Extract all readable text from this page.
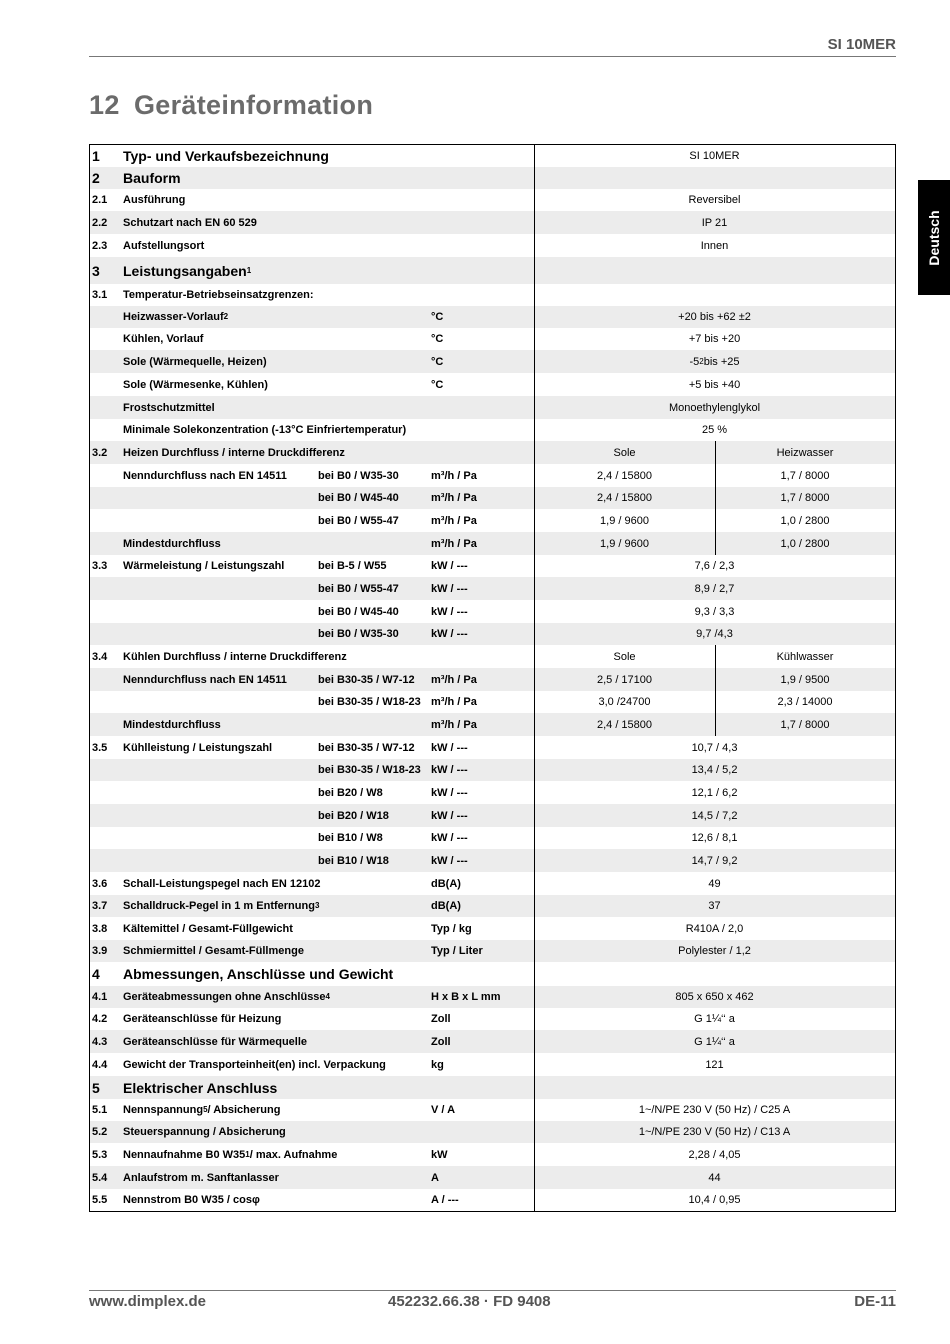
SI 10MER
12 Geräteinformation
Deutsch
1 Typ- und Verkaufsbezeichnung	SI 10MER
2 Bauform
2.1 Ausführung	Reversibel
2.2 Schutzart nach EN 60 529	IP 21
2.3 Aufstellungsort	Innen
3 Leistungsangaben 1
3.1 Temperatur-Betriebseinsatzgrenzen:
Heizwasser-Vorlauf 2	°C	+20 bis +62 ±2
Kühlen, Vorlauf	°C	+7 bis +20
Sole (Wärmequelle, Heizen)	°C	-5 2 bis +25
Sole (Wärmesenke, Kühlen)	°C	+5 bis +40
Frostschutzmittel	Monoethylenglykol
Minimale Solekonzentration (-13°C Einfriertemperatur)	25 %
3.2 Heizen Durchfluss / interne Druckdifferenz	Sole	Heizwasser
Nenndurchfluss nach EN 14511	bei B0 / W35-30	m³/h / Pa	2,4 / 15800	1,7 / 8000
bei B0 / W45-40	m³/h / Pa	2,4 / 15800	1,7 / 8000
bei B0 / W55-47	m³/h / Pa	1,9 / 9600	1,0 / 2800
Mindestdurchfluss	m³/h / Pa	1,9 / 9600	1,0 / 2800
3.3 Wärmeleistung / Leistungszahl	bei B-5 / W55	kW / ---	7,6 / 2,3
bei B0 / W55-47	kW / ---	8,9 / 2,7
bei B0 / W45-40	kW / ---	9,3 / 3,3
bei B0 / W35-30	kW / ---	9,7 /4,3
3.4 Kühlen Durchfluss / interne Druckdifferenz	Sole	Kühlwasser
Nenndurchfluss nach EN 14511	bei B30-35 / W7-12 m³/h / Pa	2,5 / 17100	1,9 / 9500
bei B30-35 / W18-23 m³/h / Pa	3,0 /24700	2,3 / 14000
Mindestdurchfluss	m³/h / Pa	2,4 / 15800	1,7 / 8000
3.5 Kühlleistung / Leistungszahl	bei B30-35 / W7-12 kW / ---	10,7 / 4,3
bei B30-35 / W18-23 kW / ---	13,4 / 5,2
bei B20 / W8	kW / ---	12,1 / 6,2
bei B20 / W18	kW / ---	14,5 / 7,2
bei B10 / W8	kW / ---	12,6 / 8,1
bei B10 / W18	kW / ---	14,7 / 9,2
3.6 Schall-Leistungspegel nach EN 12102	dB(A)	49
3.7 Schalldruck-Pegel in 1 m Entfernung 3	dB(A)	37
3.8 Kältemittel / Gesamt-Füllgewicht	Typ / kg	R410A / 2,0
3.9 Schmiermittel / Gesamt-Füllmenge	Typ / Liter	Polylester / 1,2
4 Abmessungen, Anschlüsse und Gewicht
4.1 Geräteabmessungen ohne Anschlüsse 4	H x B x L mm	805 x 650 x 462
4.2 Geräteanschlüsse für Heizung	Zoll	G 1¼‘‘ a
4.3 Geräteanschlüsse für Wärmequelle	Zoll	G 1¼‘‘ a
4.4 Gewicht der Transporteinheit(en) incl. Verpackung	kg	121
5 Elektrischer Anschluss
5.1 Nennspannung 5 / Absicherung	V / A	1~/N/PE 230 V (50 Hz) / C25 A
5.2 Steuerspannung / Absicherung	1~/N/PE 230 V (50 Hz) / C13 A
5.3 Nennaufnahme B0 W35 1 / max. Aufnahme	kW	2,28 / 4,05
5.4 Anlaufstrom m. Sanftanlasser	A	44
5.5 Nennstrom B0 W35 / cosφ	A / ---	10,4 / 0,95
www.dimplex.de	452232.66.38 · FD 9408	DE-11
